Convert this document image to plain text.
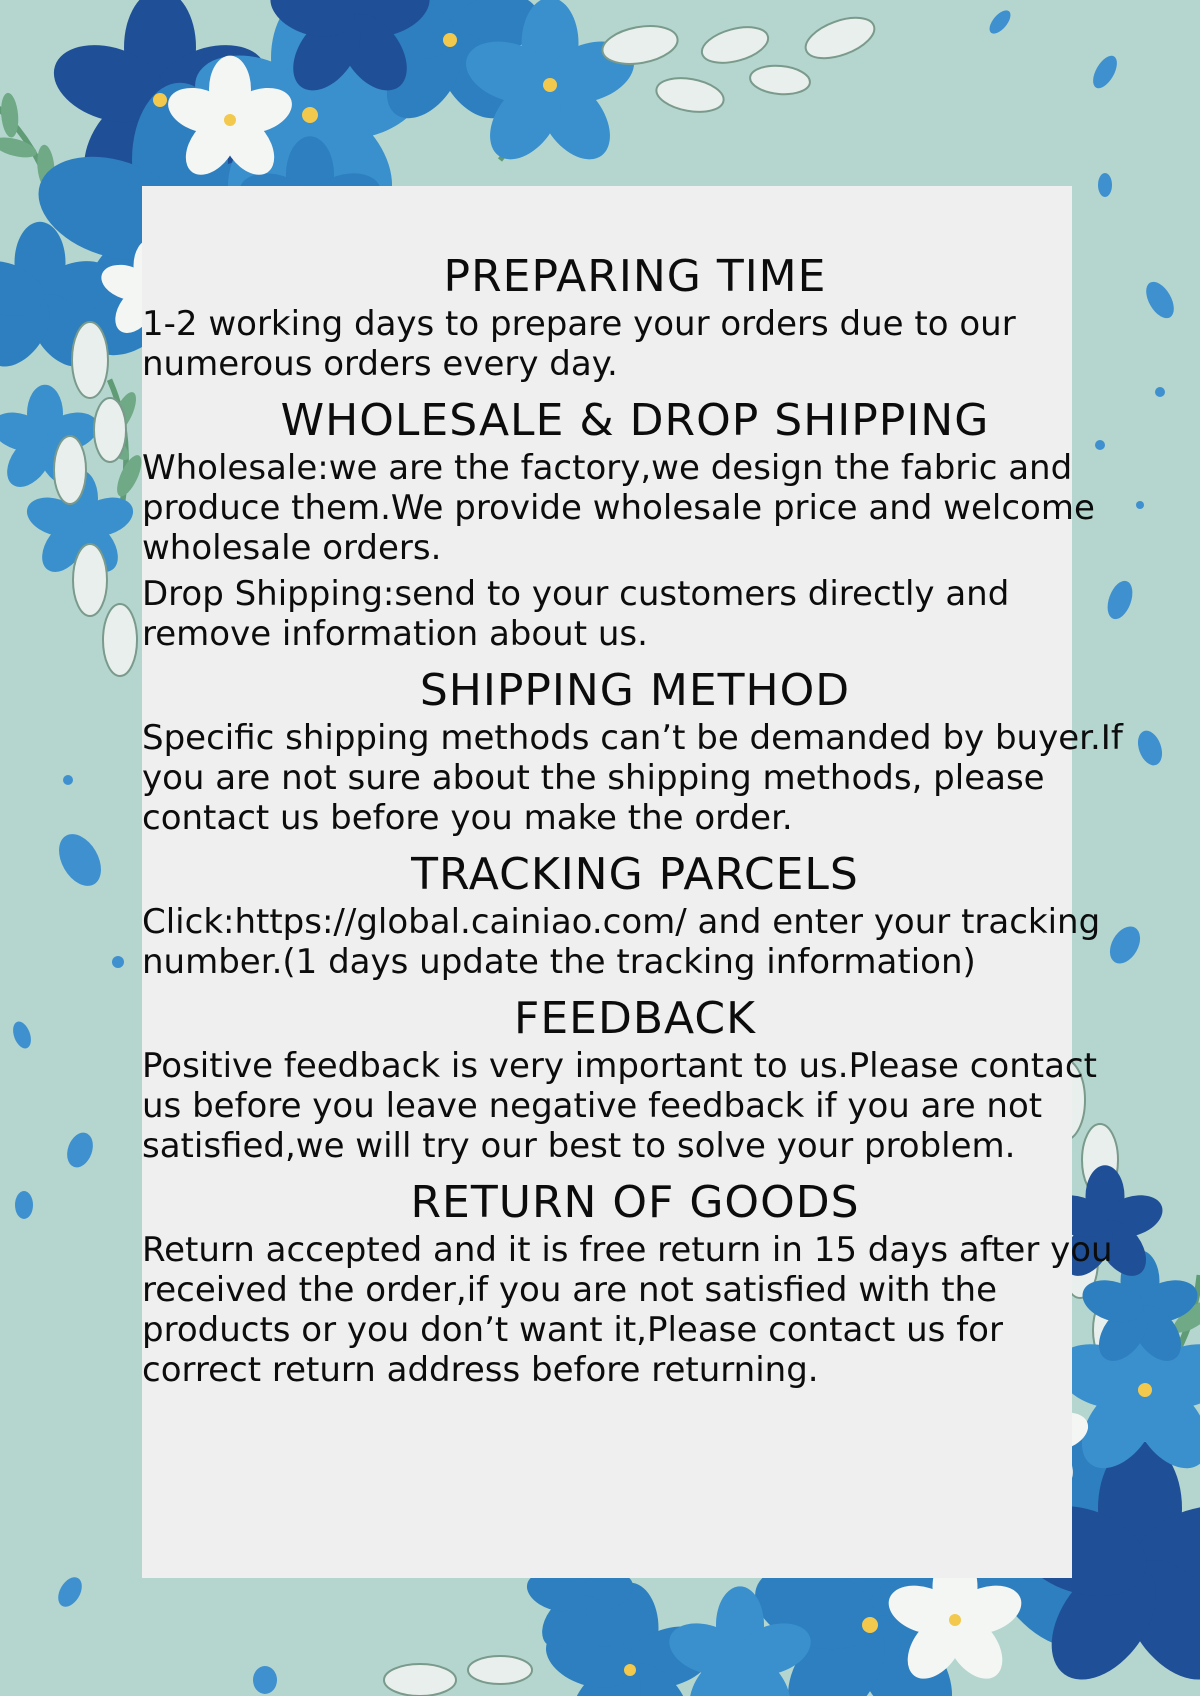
PREPARING TIME

1-2 working days to prepare your orders due to our numerous orders every day.

WHOLESALE & DROP SHIPPING

Wholesale:we are the factory,we design the fabric and produce them.We provide wholesale price and welcome wholesale orders.

Drop Shipping:send to your customers directly and remove information about us.

SHIPPING METHOD

Specific shipping methods can’t be demanded by buyer.If you are not sure about the shipping methods, please contact us before you make the order.

TRACKING PARCELS

Click:https://global.cainiao.com/ and enter your tracking number.(1 days update the tracking information)

FEEDBACK

Positive feedback is very important to us.Please contact us before you leave negative feedback if you are not satisfied,we will try our best to solve your problem.

RETURN OF GOODS

Return accepted and it is free return in 15 days after you received the order,if you are not satisfied with the products or you don’t want it,Please contact us for correct return address before returning.
